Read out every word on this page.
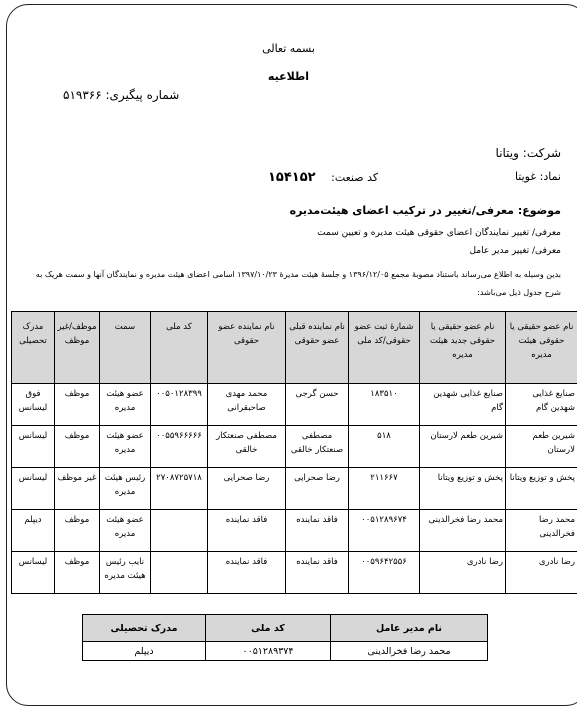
بسمه تعالی
اطلاعیه
شماره پیگیری: ۵۱۹۳۶۶
شرکت: ویتانا
نماد: غویتا
کد صنعت: ۱۵۴۱۵۲
موضوع: معرفی/تغییر در ترکیب اعضای هیئت‌مدیره
معرفی/ تغییر نمایندگان اعضای حقوقی هیئت مدیره و تعیین سمت
معرفی/ تغییر مدیر عامل
بدین وسیله به اطلاع می‌رساند باستناد مصوبهٔ مجمع ۱۳۹۶/۱۲/۰۵ و جلسهٔ هیئت مدیرهٔ ۱۳۹۷/۱۰/۲۳ اسامی اعضای هیئت مدیره و نمایندگان آنها و سمت هریک به
شرح جدول ذیل می‌باشد:
نام عضو حقیقی یا حقوقی هیئت مدیره	نام عضو حقیقی یا حقوقی جدید هیئت مدیره	شمارهٔ ثبت عضو حقوقی/کد ملی	نام نماینده قبلی عضو حقوقی	نام نماینده عضو حقوقی	کد ملی	سمت	موظف/غیر موظف	مدرک تحصیلی
صنایع غذایی شهدین گام	صنایع غذایی شهدین گام	۱۸۳۵۱۰	حسن گرجی	محمد مهدی صاحبقرانی	۰۰۵۰۱۲۸۳۹۹	عضو هیئت مدیره	موظف	فوق لیسانس
شیرین طعم لارستان	شیرین طعم لارستان	۵۱۸	مصطفی صنعتکار خالقی	مصطفی صنعتکار خالقی	۰۰۵۵۹۶۶۶۶۶	عضو هیئت مدیره	موظف	لیسانس
پخش و توزیع ویتانا	پخش و توزیع ویتانا	۲۱۱۶۶۷	رضا صحرایی	رضا صحرایی	۲۷۰۸۷۲۵۷۱۸	رئیس هیئت مدیره	غیر موظف	لیسانس
محمد رضا فخرالدینی	محمد رضا فخرالدینی	۰۰۵۱۲۸۹۶۷۴	فاقد نماینده	فاقد نماینده		عضو هیئت مدیره	موظف	دیپلم
رضا نادری	رضا نادری	۰۰۵۹۶۴۲۵۵۶	فاقد نماینده	فاقد نماینده		نایب رئیس هیئت مدیره	موظف	لیسانس
نام مدیر عامل	کد ملی	مدرک تحصیلی
محمد رضا فخرالدینی	۰۰۵۱۲۸۹۳۷۴	دیپلم
